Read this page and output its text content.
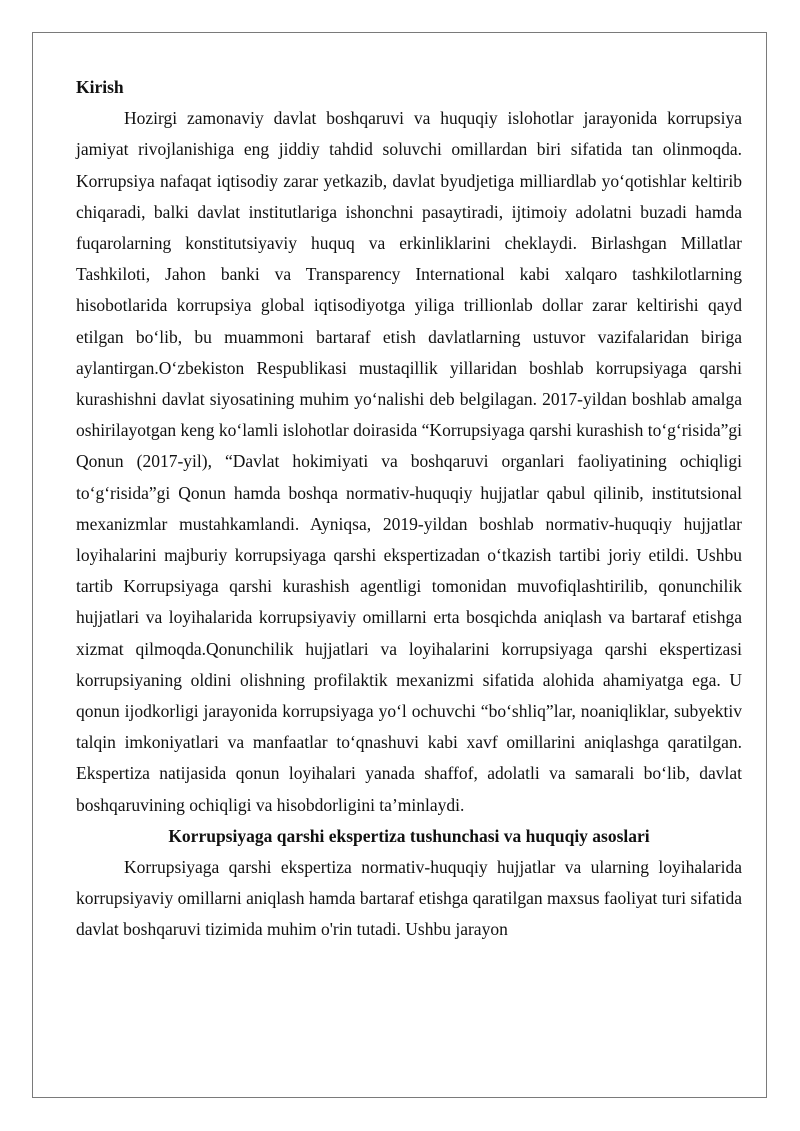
Kirish

Hozirgi zamonaviy davlat boshqaruvi va huquqiy islohotlar jarayonida korrupsiya jamiyat rivojlanishiga eng jiddiy tahdid soluvchi omillardan biri sifatida tan olinmoqda. Korrupsiya nafaqat iqtisodiy zarar yetkazib, davlat byudjetiga milliardlab yo‘qotishlar keltirib chiqaradi, balki davlat institutlariga ishonchni pasaytiradi, ijtimoiy adolatni buzadi hamda fuqarolarning konstitutsiyaviy huquq va erkinliklarini cheklaydi. Birlashgan Millatlar Tashkiloti, Jahon banki va Transparency International kabi xalqaro tashkilotlarning hisobotlarida korrupsiya global iqtisodiyotga yiliga trillionlab dollar zarar keltirishi qayd etilgan bo‘lib, bu muammoni bartaraf etish davlatlarning ustuvor vazifalaridan biriga aylantirgan.O‘zbekiston Respublikasi mustaqillik yillaridan boshlab korrupsiyaga qarshi kurashishni davlat siyosatining muhim yo‘nalishi deb belgilagan. 2017-yildan boshlab amalga oshirilayotgan keng ko‘lamli islohotlar doirasida “Korrupsiyaga qarshi kurashish to‘g‘risida”gi Qonun (2017-yil), “Davlat hokimiyati va boshqaruvi organlari faoliyatining ochiqligi to‘g‘risida”gi Qonun hamda boshqa normativ-huquqiy hujjatlar qabul qilinib, institutsional mexanizmlar mustahkamlandi. Ayniqsa, 2019-yildan boshlab normativ-huquqiy hujjatlar loyihalarini majburiy korrupsiyaga qarshi ekspertizadan o‘tkazish tartibi joriy etildi. Ushbu tartib Korrupsiyaga qarshi kurashish agentligi tomonidan muvofiqlashtirilib, qonunchilik hujjatlari va loyihalarida korrupsiyaviy omillarni erta bosqichda aniqlash va bartaraf etishga xizmat qilmoqda.Qonunchilik hujjatlari va loyihalarini korrupsiyaga qarshi ekspertizasi korrupsiyaning oldini olishning profilaktik mexanizmi sifatida alohida ahamiyatga ega. U qonun ijodkorligi jarayonida korrupsiyaga yo‘l ochuvchi “bo‘shliq”lar, noaniqliklar, subyektiv talqin imkoniyatlari va manfaatlar to‘qnashuvi kabi xavf omillarini aniqlashga qaratilgan. Ekspertiza natijasida qonun loyihalari yanada shaffof, adolatli va samarali bo‘lib, davlat boshqaruvining ochiqligi va hisobdorligini ta’minlaydi.

Korrupsiyaga qarshi ekspertiza tushunchasi va huquqiy asoslari

Korrupsiyaga qarshi ekspertiza normativ-huquqiy hujjatlar va ularning loyihalarida korrupsiyaviy omillarni aniqlash hamda bartaraf etishga qaratilgan maxsus faoliyat turi sifatida davlat boshqaruvi tizimida muhim o'rin tutadi. Ushbu jarayon
